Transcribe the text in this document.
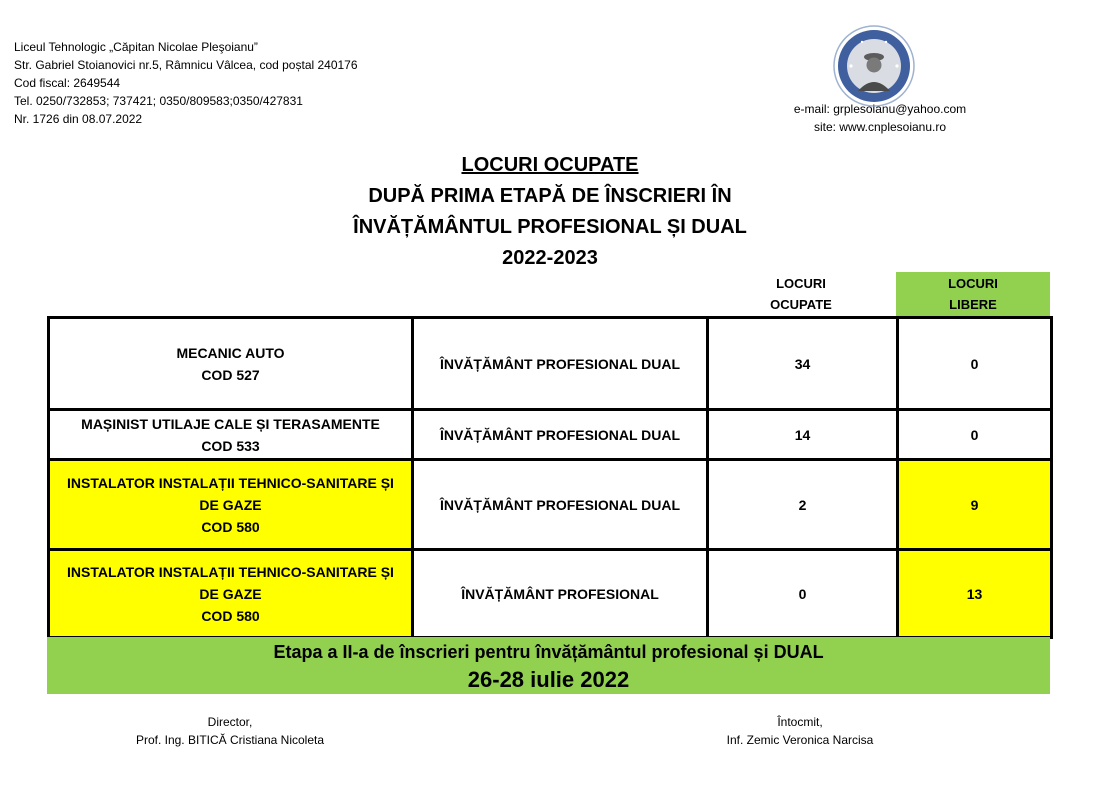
Liceul Tehnologic „Căpitan Nicolae Pleşoianu”
Str. Gabriel Stoianovici nr.5, Râmnicu Vâlcea, cod poștal 240176
Cod fiscal: 2649544
Tel. 0250/732853; 737421; 0350/809583;0350/427831
Nr. 1726 din 08.07.2022
e-mail: grplesoianu@yahoo.com
site: www.cnplesoianu.ro
LOCURI OCUPATE
DUPĂ PRIMA ETAPĂ DE ÎNSCRIERI ÎN
ÎNVĂȚĂMÂNTUL PROFESIONAL ȘI DUAL
2022-2023
LOCURI
OCUPATE
LOCURI
LIBERE
MECANIC AUTO
COD 527	ÎNVĂȚĂMÂNT PROFESIONAL DUAL	34	0

MAȘINIST UTILAJE CALE ȘI TERASAMENTE
COD 533	ÎNVĂȚĂMÂNT PROFESIONAL DUAL	14	0

INSTALATOR INSTALAȚII TEHNICO-SANITARE ȘI
DE GAZE
COD 580	ÎNVĂȚĂMÂNT PROFESIONAL DUAL	2	9

INSTALATOR INSTALAȚII TEHNICO-SANITARE ȘI
DE GAZE
COD 580	ÎNVĂȚĂMÂNT PROFESIONAL	0	13
Etapa a II-a de înscrieri pentru învățământul profesional și DUAL
26-28 iulie 2022
Director,
Prof. Ing. BITICĂ Cristiana Nicoleta
Întocmit,
Inf. Zemic Veronica Narcisa
